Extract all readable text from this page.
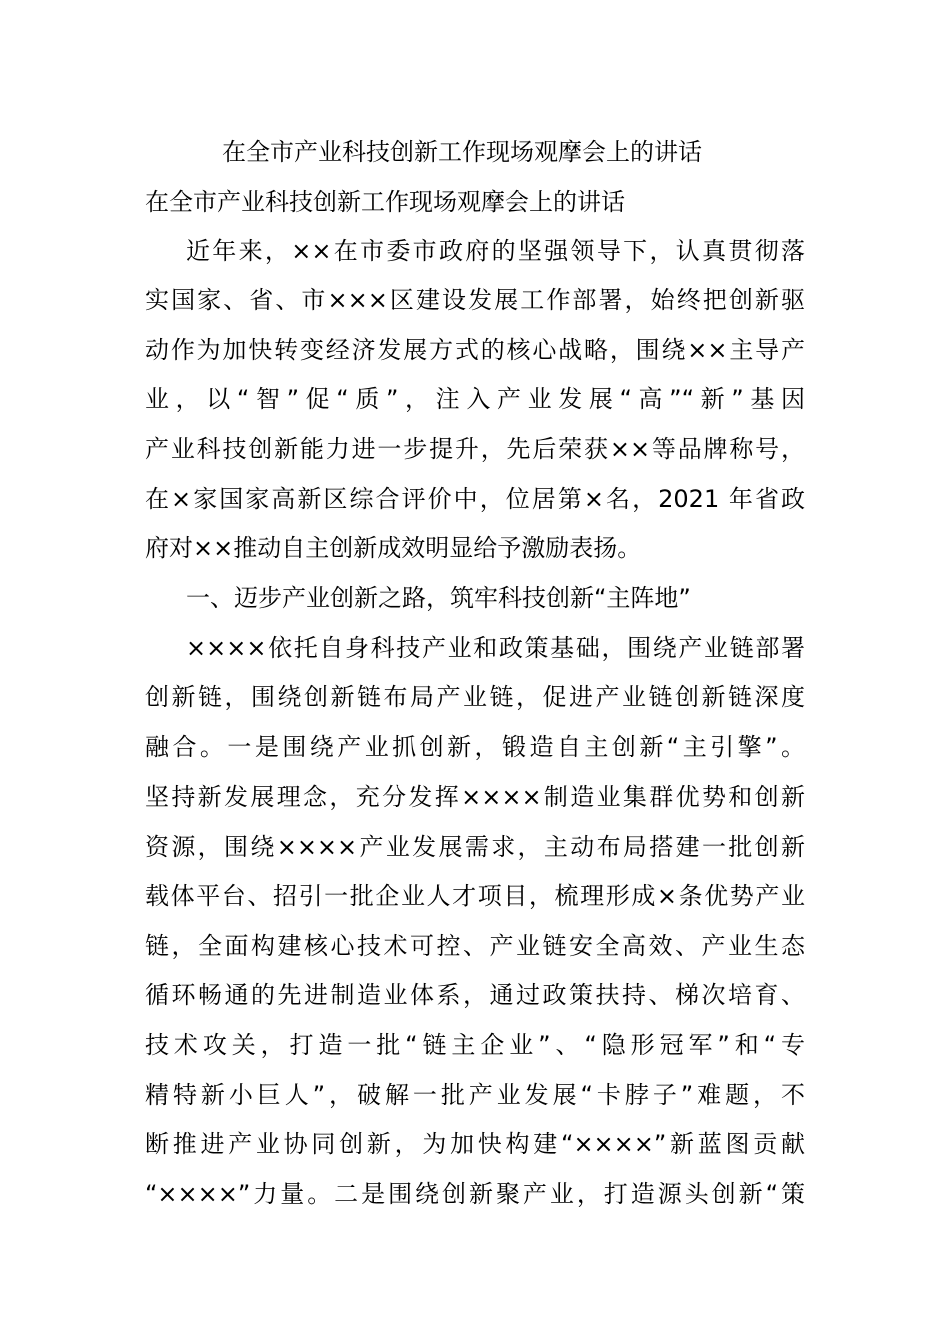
在全市产业科技创新工作现场观摩会上的讲话
在全市产业科技创新工作现场观摩会上的讲话
近年来，××在市委市政府的坚强领导下，认真贯彻落
实国家、省、市×××区建设发展工作部署，始终把创新驱
动作为加快转变经济发展方式的核心战略，围绕××主导产
业，以“智”促“质”，注入产业发展“高”“新”基因
产业科技创新能力进一步提升，先后荣获××等品牌称号，
在×家国家高新区综合评价中，位居第×名，2021 年省政
府对××推动自主创新成效明显给予激励表扬。
一、迈步产业创新之路，筑牢科技创新“主阵地”
××××依托自身科技产业和政策基础，围绕产业链部署
创新链，围绕创新链布局产业链，促进产业链创新链深度
融合。一是围绕产业抓创新，锻造自主创新“主引擎”。
坚持新发展理念，充分发挥××××制造业集群优势和创新
资源，围绕××××产业发展需求，主动布局搭建一批创新
载体平台、招引一批企业人才项目，梳理形成×条优势产业
链，全面构建核心技术可控、产业链安全高效、产业生态
循环畅通的先进制造业体系，通过政策扶持、梯次培育、
技术攻关，打造一批“链主企业”、“隐形冠军”和“专
精特新小巨人”，破解一批产业发展“卡脖子”难题，不
断推进产业协同创新，为加快构建“××××”新蓝图贡献
“××××”力量。二是围绕创新聚产业，打造源头创新“策
